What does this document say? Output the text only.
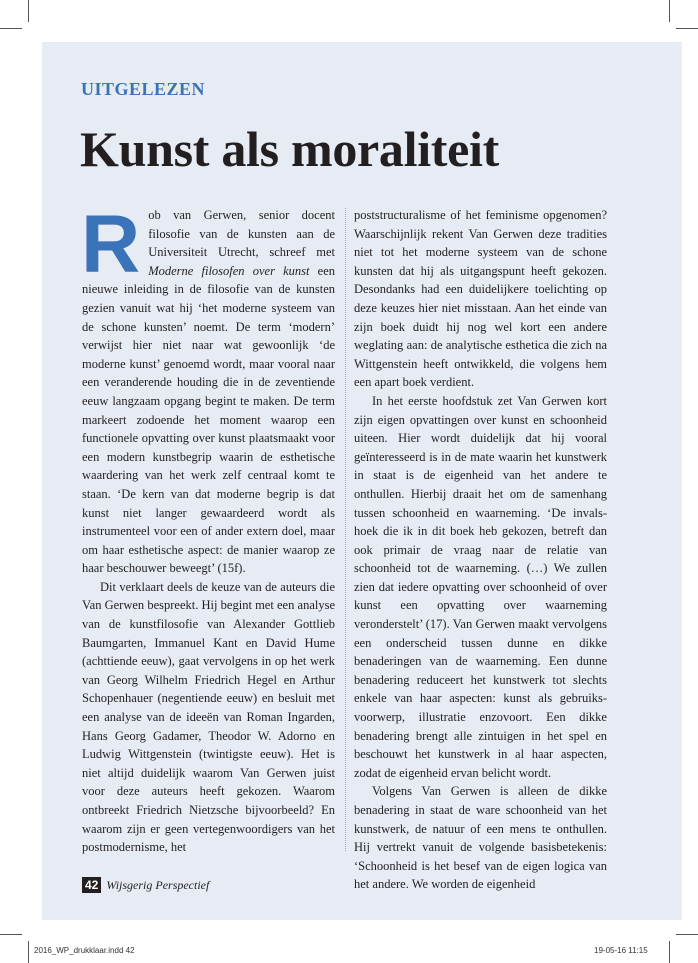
UITGELEZEN
Kunst als moraliteit

Rob van Gerwen, senior docent filosofie van de kunsten aan de Universiteit Utrecht, schreef met Moderne filosofen over kunst een nieuwe inleiding in de filosofie van de kunsten gezien vanuit wat hij ‘het moderne systeem van de schone kunsten’ noemt. De term ‘modern’ verwijst hier niet naar wat gewoonlijk ‘de moderne kunst’ genoemd wordt, maar vooral naar een veranderende houding die in de zeventiende eeuw langzaam opgang begint te maken. De term markeert zodoende het moment waarop een functionele opvatting over kunst plaatsmaakt voor een modern kunstbegrip waarin de esthetische waardering van het werk zelf centraal komt te staan. ‘De kern van dat moderne begrip is dat kunst niet langer gewaardeerd wordt als instrumenteel voor een of ander extern doel, maar om haar esthetische aspect: de manier waarop ze haar beschouwer beweegt’ (15f).

Dit verklaart deels de keuze van de auteurs die Van Gerwen bespreekt. Hij begint met een analyse van de kunstfilosofie van Alexander Gottlieb Baumgarten, Immanuel Kant en David Hume (achttiende eeuw), gaat vervolgens in op het werk van Georg Wilhelm Friedrich Hegel en Arthur Schopenhauer (negentiende eeuw) en besluit met een analyse van de ideeën van Roman Ingarden, Hans Georg Gadamer, Theodor W. Adorno en Ludwig Wittgenstein (twintigste eeuw). Het is niet altijd duidelijk waarom Van Gerwen juist voor deze auteurs heeft gekozen. Waarom ontbreekt Friedrich Nietzsche bijvoorbeeld? En waarom zijn er geen vertegenwoordigers van het postmodernisme, het

poststructuralisme of het feminisme opgenomen? Waarschijnlijk rekent Van Gerwen deze tradities niet tot het moderne systeem van de schone kunsten dat hij als uitgangspunt heeft gekozen. Desondanks had een duidelijkere toelichting op deze keuzes hier niet misstaan. Aan het einde van zijn boek duidt hij nog wel kort een andere weglating aan: de analytische esthetica die zich na Wittgenstein heeft ontwikkeld, die volgens hem een apart boek verdient.

In het eerste hoofdstuk zet Van Gerwen kort zijn eigen opvattingen over kunst en schoonheid uiteen. Hier wordt duidelijk dat hij vooral geïnteresseerd is in de mate waarin het kunstwerk in staat is de eigenheid van het andere te onthullen. Hierbij draait het om de samenhang tussen schoonheid en waarneming. ‘De invalshoek die ik in dit boek heb gekozen, betreft dan ook primair de vraag naar de relatie van schoonheid tot de waarneming. (…) We zullen zien dat iedere opvatting over schoonheid of over kunst een opvatting over waarneming veronderstelt’ (17). Van Gerwen maakt vervolgens een onderscheid tussen dunne en dikke benaderingen van de waarneming. Een dunne benadering reduceert het kunstwerk tot slechts enkele van haar aspecten: kunst als gebruiksvoorwerp, illustratie enzovoort. Een dikke benadering brengt alle zintuigen in het spel en beschouwt het kunstwerk in al haar aspecten, zodat de eigenheid ervan belicht wordt.

Volgens Van Gerwen is alleen de dikke benadering in staat de ware schoonheid van het kunstwerk, de natuur of een mens te onthullen. Hij vertrekt vanuit de volgende basisbetekenis: ‘Schoonheid is het besef van de eigen logica van het andere. We worden de eigenheid

42 Wijsgerig Perspectief
2016_WP_drukklaar.indd 42	19-05-16 11:15
